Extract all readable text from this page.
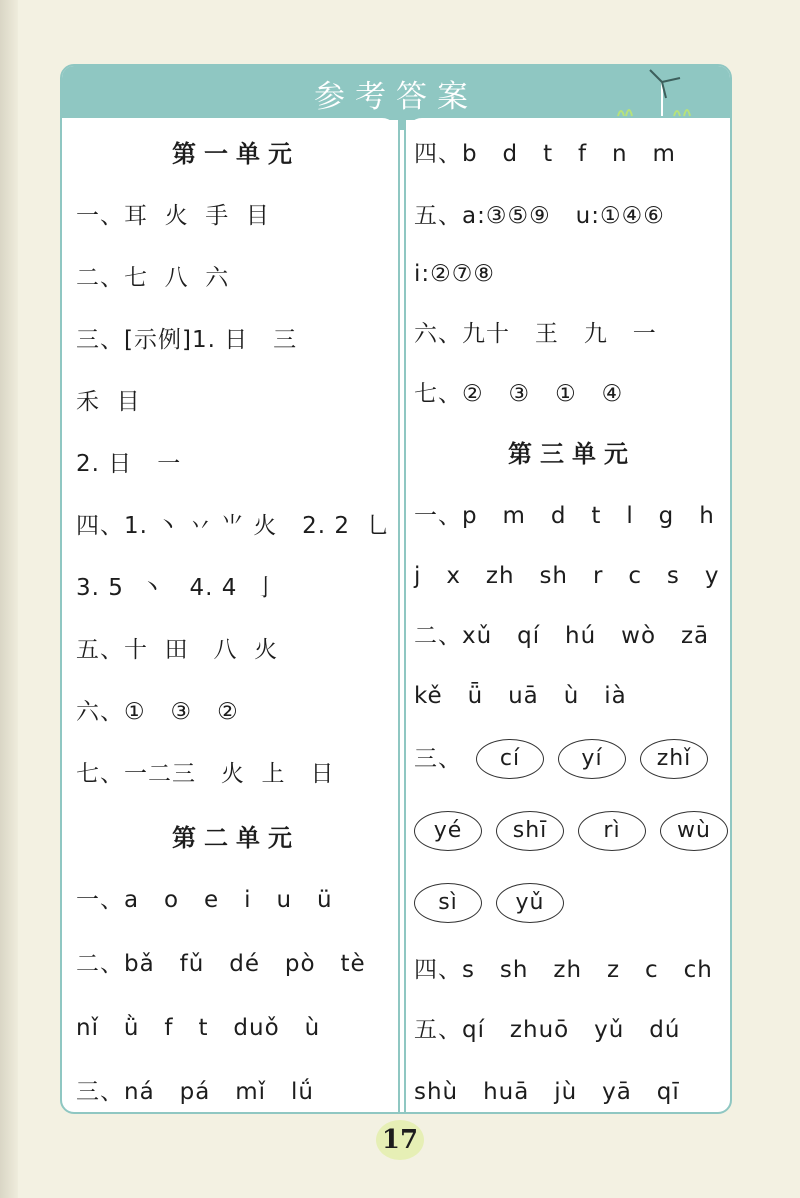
参考答案
第一单元
一、耳  火  手  目
二、七  八  六
三、[示例]1. 日   三
禾  目
2. 日   一
四、1. 丶 丷 ⺌ 火   2. 2  乚
3. 5  丶   4. 4  亅
五、十  田   八  火
六、①   ③   ②
七、一二三   火  上   日
第二单元
一、a   o   e   i   u   ü
二、bǎ   fǔ   dé   pò   tè
nǐ   ǜ   f   t   duǒ   ù
三、ná   pá   mǐ   lǘ
四、b   d   t   f   n   m
五、a:③⑤⑨   u:①④⑥
i:②⑦⑧
六、九十   王   九   一
七、②   ③   ①   ④
第三单元
一、p   m   d   t   l   g   h
j   x   zh   sh   r   c   s   y
二、xǔ   qí   hú   wò   zā
kě   ǖ   uā   ù   ià
三、	cí	yí	zhǐ
yé	shī	rì	wù
sì	yǔ
四、s   sh   zh   z   c   ch
五、qí   zhuō   yǔ   dú
shù   huā   jù   yā   qī
17
